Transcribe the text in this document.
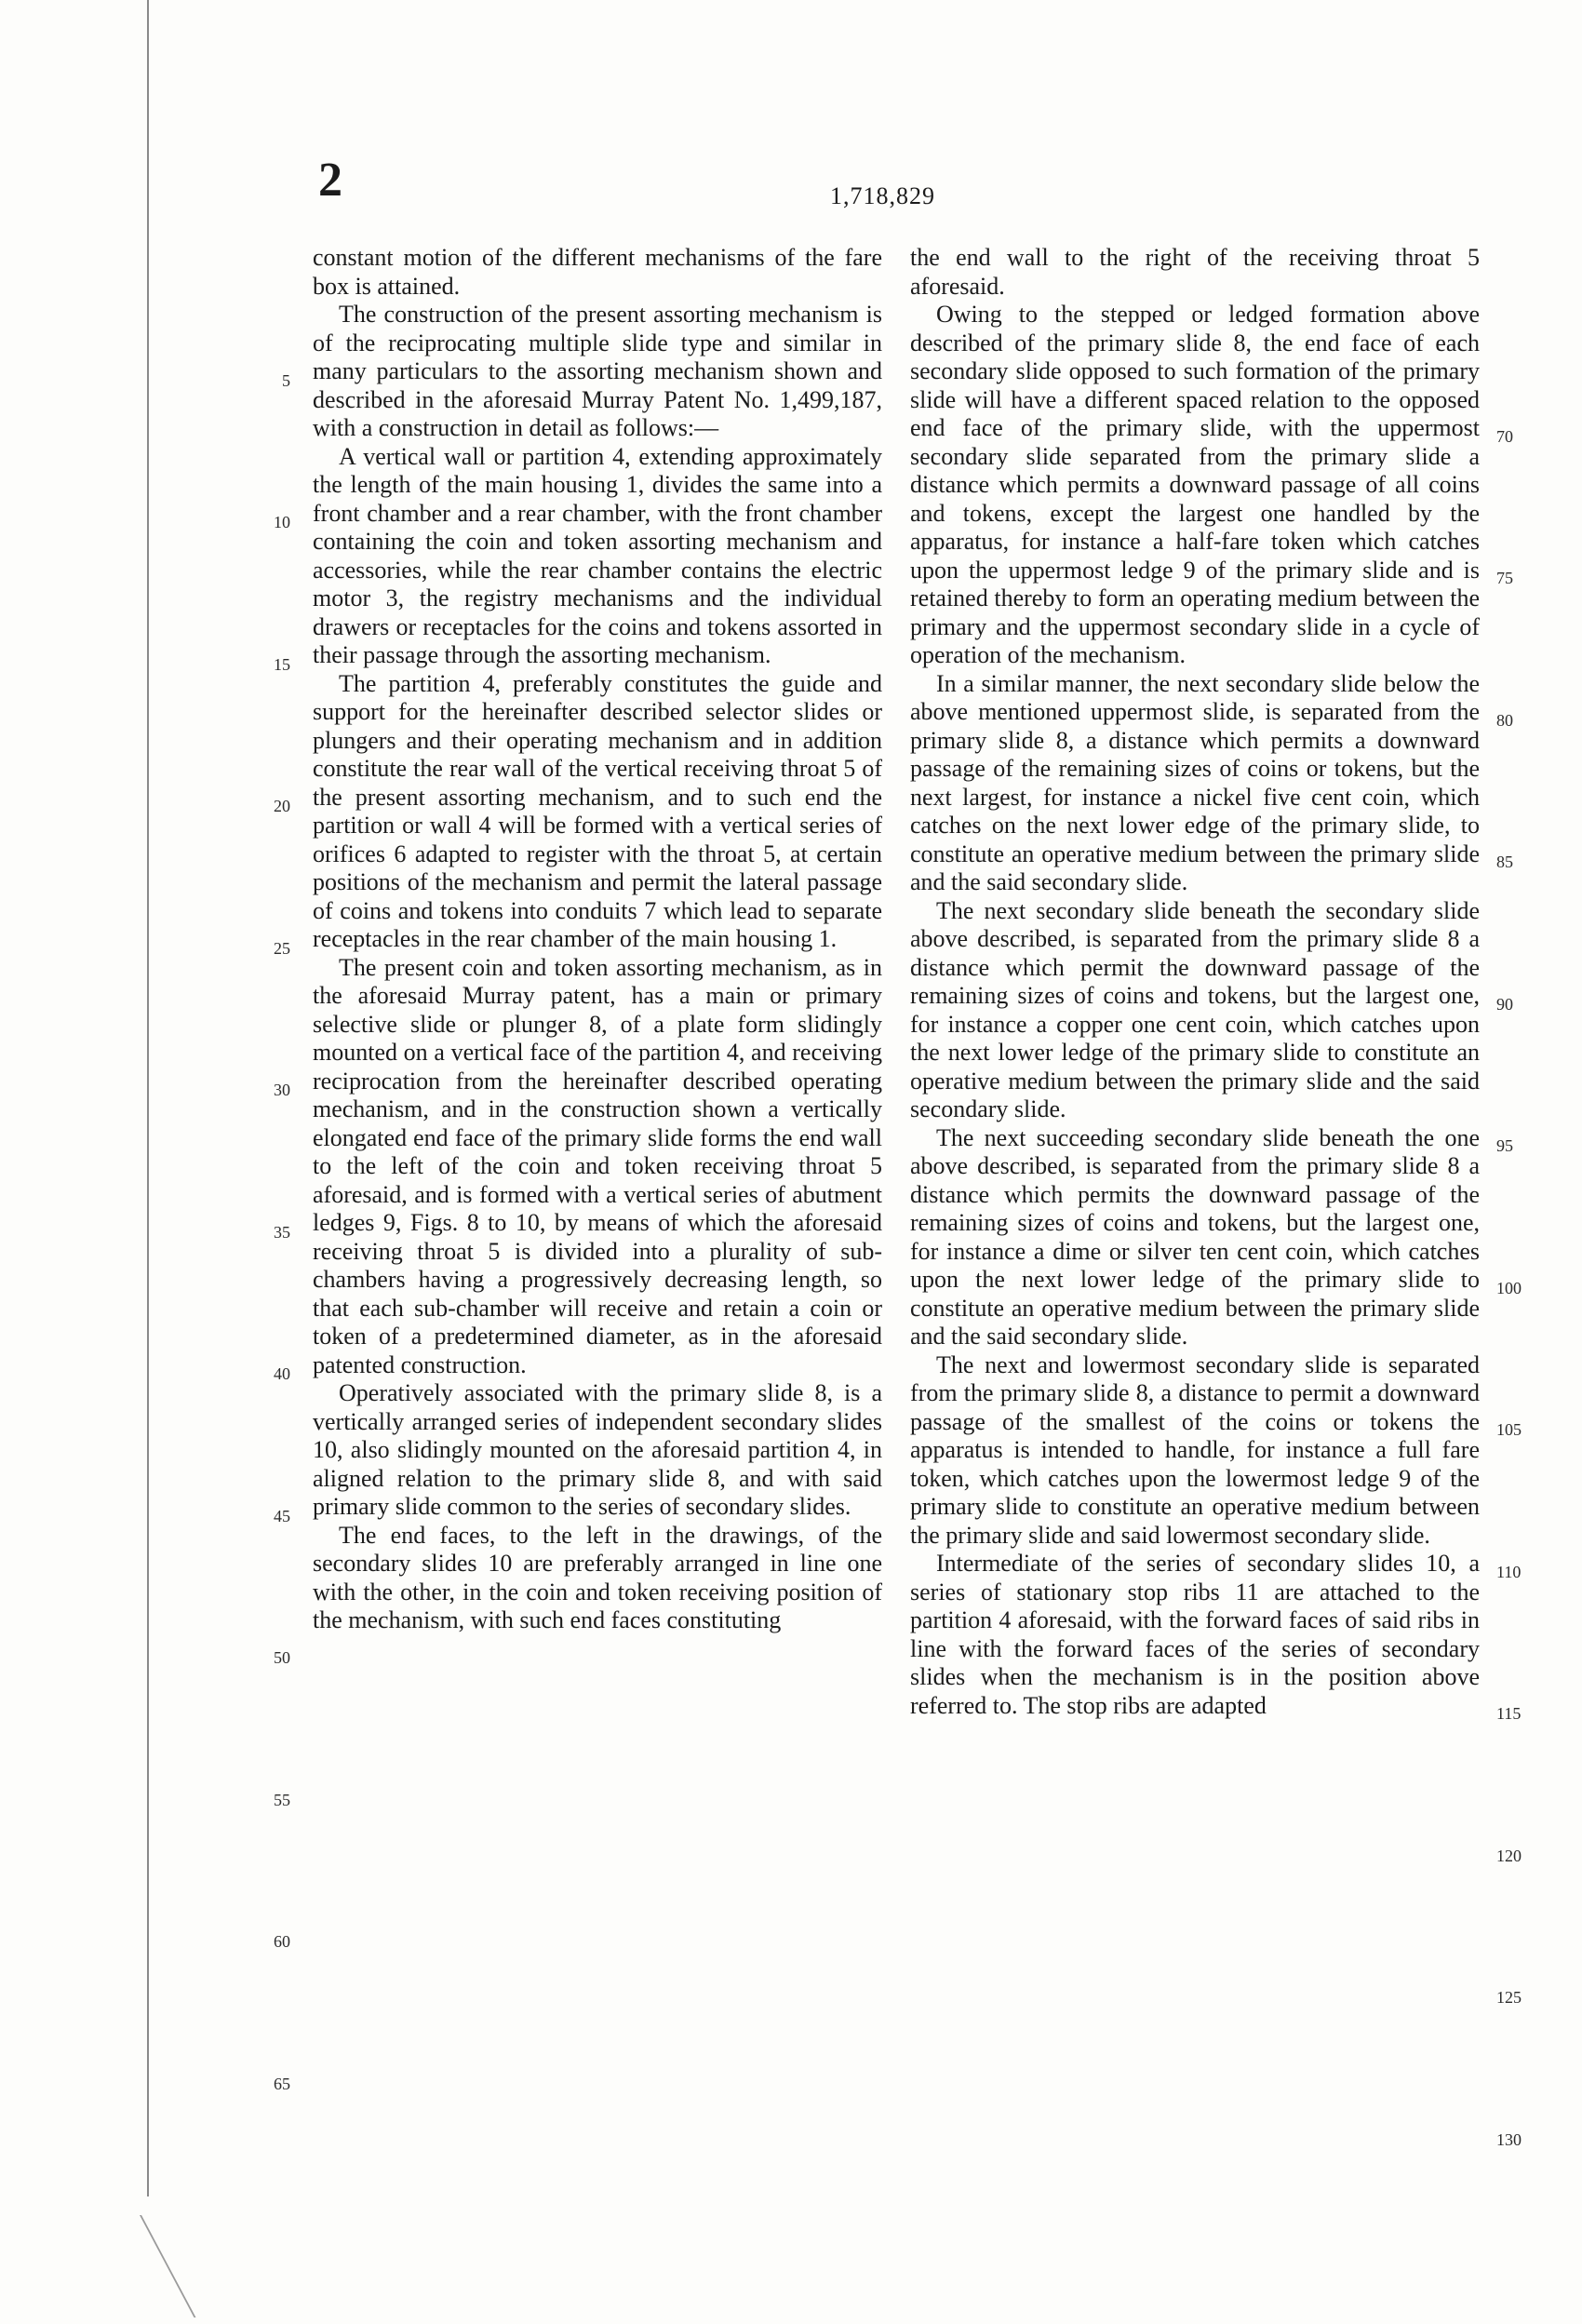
2	1,718,829

constant motion of the different mechanisms of the fare box is attained.

The construction of the present assorting mechanism is of the reciprocating multiple slide type and similar in many particulars to the assorting mechanism shown and described in the aforesaid Murray Patent No. 1,499,187, with a construction in detail as follows:—

A vertical wall or partition 4, extending approximately the length of the main housing 1, divides the same into a front chamber and a rear chamber, with the front chamber containing the coin and token assorting mechanism and accessories, while the rear chamber contains the electric motor 3, the registry mechanisms and the individual drawers or receptacles for the coins and tokens assorted in their passage through the assorting mechanism.

The partition 4, preferably constitutes the guide and support for the hereinafter described selector slides or plungers and their operating mechanism and in addition constitute the rear wall of the vertical receiving throat 5 of the present assorting mechanism, and to such end the partition or wall 4 will be formed with a vertical series of orifices 6 adapted to register with the throat 5, at certain positions of the mechanism and permit the lateral passage of coins and tokens into conduits 7 which lead to separate receptacles in the rear chamber of the main housing 1.

The present coin and token assorting mechanism, as in the aforesaid Murray patent, has a main or primary selective slide or plunger 8, of a plate form slidingly mounted on a vertical face of the partition 4, and receiving reciprocation from the hereinafter described operating mechanism, and in the construction shown a vertically elongated end face of the primary slide forms the end wall to the left of the coin and token receiving throat 5 aforesaid, and is formed with a vertical series of abutment ledges 9, Figs. 8 to 10, by means of which the aforesaid receiving throat 5 is divided into a plurality of sub-chambers having a progressively decreasing length, so that each sub-chamber will receive and retain a coin or token of a predetermined diameter, as in the aforesaid patented construction.

Operatively associated with the primary slide 8, is a vertically arranged series of independent secondary slides 10, also slidingly mounted on the aforesaid partition 4, in aligned relation to the primary slide 8, and with said primary slide common to the series of secondary slides.

The end faces, to the left in the drawings, of the secondary slides 10 are preferably arranged in line one with the other, in the coin and token receiving position of the mechanism, with such end faces constituting

the end wall to the right of the receiving throat 5 aforesaid.

Owing to the stepped or ledged formation above described of the primary slide 8, the end face of each secondary slide opposed to such formation of the primary slide will have a different spaced relation to the opposed end face of the primary slide, with the uppermost secondary slide separated from the primary slide a distance which permits a downward passage of all coins and tokens, except the largest one handled by the apparatus, for instance a half-fare token which catches upon the uppermost ledge 9 of the primary slide and is retained thereby to form an operating medium between the primary and the uppermost secondary slide in a cycle of operation of the mechanism.

In a similar manner, the next secondary slide below the above mentioned uppermost slide, is separated from the primary slide 8, a distance which permits a downward passage of the remaining sizes of coins or tokens, but the next largest, for instance a nickel five cent coin, which catches on the next lower edge of the primary slide, to constitute an operative medium between the primary slide and the said secondary slide.

The next secondary slide beneath the secondary slide above described, is separated from the primary slide 8 a distance which permit the downward passage of the remaining sizes of coins and tokens, but the largest one, for instance a copper one cent coin, which catches upon the next lower ledge of the primary slide to constitute an operative medium between the primary slide and the said secondary slide.

The next succeeding secondary slide beneath the one above described, is separated from the primary slide 8 a distance which permits the downward passage of the remaining sizes of coins and tokens, but the largest one, for instance a dime or silver ten cent coin, which catches upon the next lower ledge of the primary slide to constitute an operative medium between the primary slide and the said secondary slide.

The next and lowermost secondary slide is separated from the primary slide 8, a distance to permit a downward passage of the smallest of the coins or tokens the apparatus is intended to handle, for instance a full fare token, which catches upon the lowermost ledge 9 of the primary slide to constitute an operative medium between the primary slide and said lowermost secondary slide.

Intermediate of the series of secondary slides 10, a series of stationary stop ribs 11 are attached to the partition 4 aforesaid, with the forward faces of said ribs in line with the forward faces of the series of secondary slides when the mechanism is in the position above referred to. The stop ribs are adapted

5
10
15
20
25
30
35
40
45
50
55
60
65
70
75
80
85
90
95
100
105
110
115
120
125
130
